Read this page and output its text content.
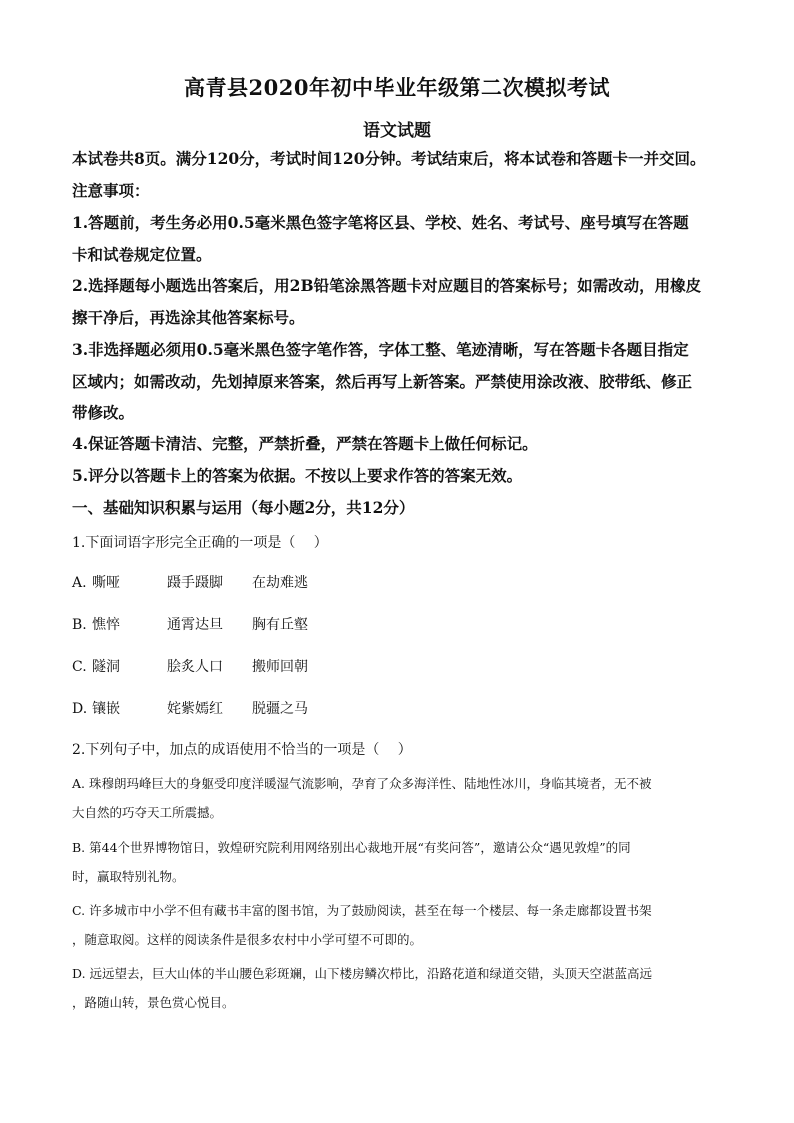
高青县2020年初中毕业年级第二次模拟考试
语文试题
本试卷共8页。满分120分，考试时间120分钟。考试结束后，将本试卷和答题卡一并交回。
注意事项：
1.答题前，考生务必用0.5毫米黑色签字笔将区县、学校、姓名、考试号、座号填写在答题
卡和试卷规定位置。
2.选择题每小题选出答案后，用2B铅笔涂黑答题卡对应题目的答案标号；如需改动，用橡皮
擦干净后，再选涂其他答案标号。
3.非选择题必须用0.5毫米黑色签字笔作答，字体工整、笔迹清晰，写在答题卡各题目指定
区域内；如需改动，先划掉原来答案，然后再写上新答案。严禁使用涂改液、胶带纸、修正
带修改。
4.保证答题卡清洁、完整，严禁折叠，严禁在答题卡上做任何标记。
5.评分以答题卡上的答案为依据。不按以上要求作答的答案无效。
一、基础知识积累与运用（每小题2分，共12分）
1.下面词语字形完全正确的一项是（　 ）
A. 嘶哑	蹑手蹑脚 在劫难逃
B. 憔悴	通霄达旦 胸有丘壑
C. 隧洞	脍炙人口 搬师回朝
D. 镶嵌	姹紫嫣红 脱疆之马
2.下列句子中，加点的成语使用不恰当的一项是（　 ）
A. 珠穆朗玛峰巨大的身躯受印度洋暖湿气流影响，孕育了众多海洋性、陆地性冰川，身临其境者，无不被
大自然的巧夺天工所震撼。
B. 第44个世界博物馆日，敦煌研究院利用网络别出心裁地开展“有奖问答”，邀请公众“遇见敦煌”的同
时，赢取特别礼物。
C. 许多城市中小学不但有藏书丰富的图书馆，为了鼓励阅读，甚至在每一个楼层、每一条走廊都设置书架
，随意取阅。这样的阅读条件是很多农村中小学可望不可即的。
D. 远远望去，巨大山体的半山腰色彩斑斓，山下楼房鳞次栉比，沿路花道和绿道交错，头顶天空湛蓝高远
，路随山转，景色赏心悦目。
